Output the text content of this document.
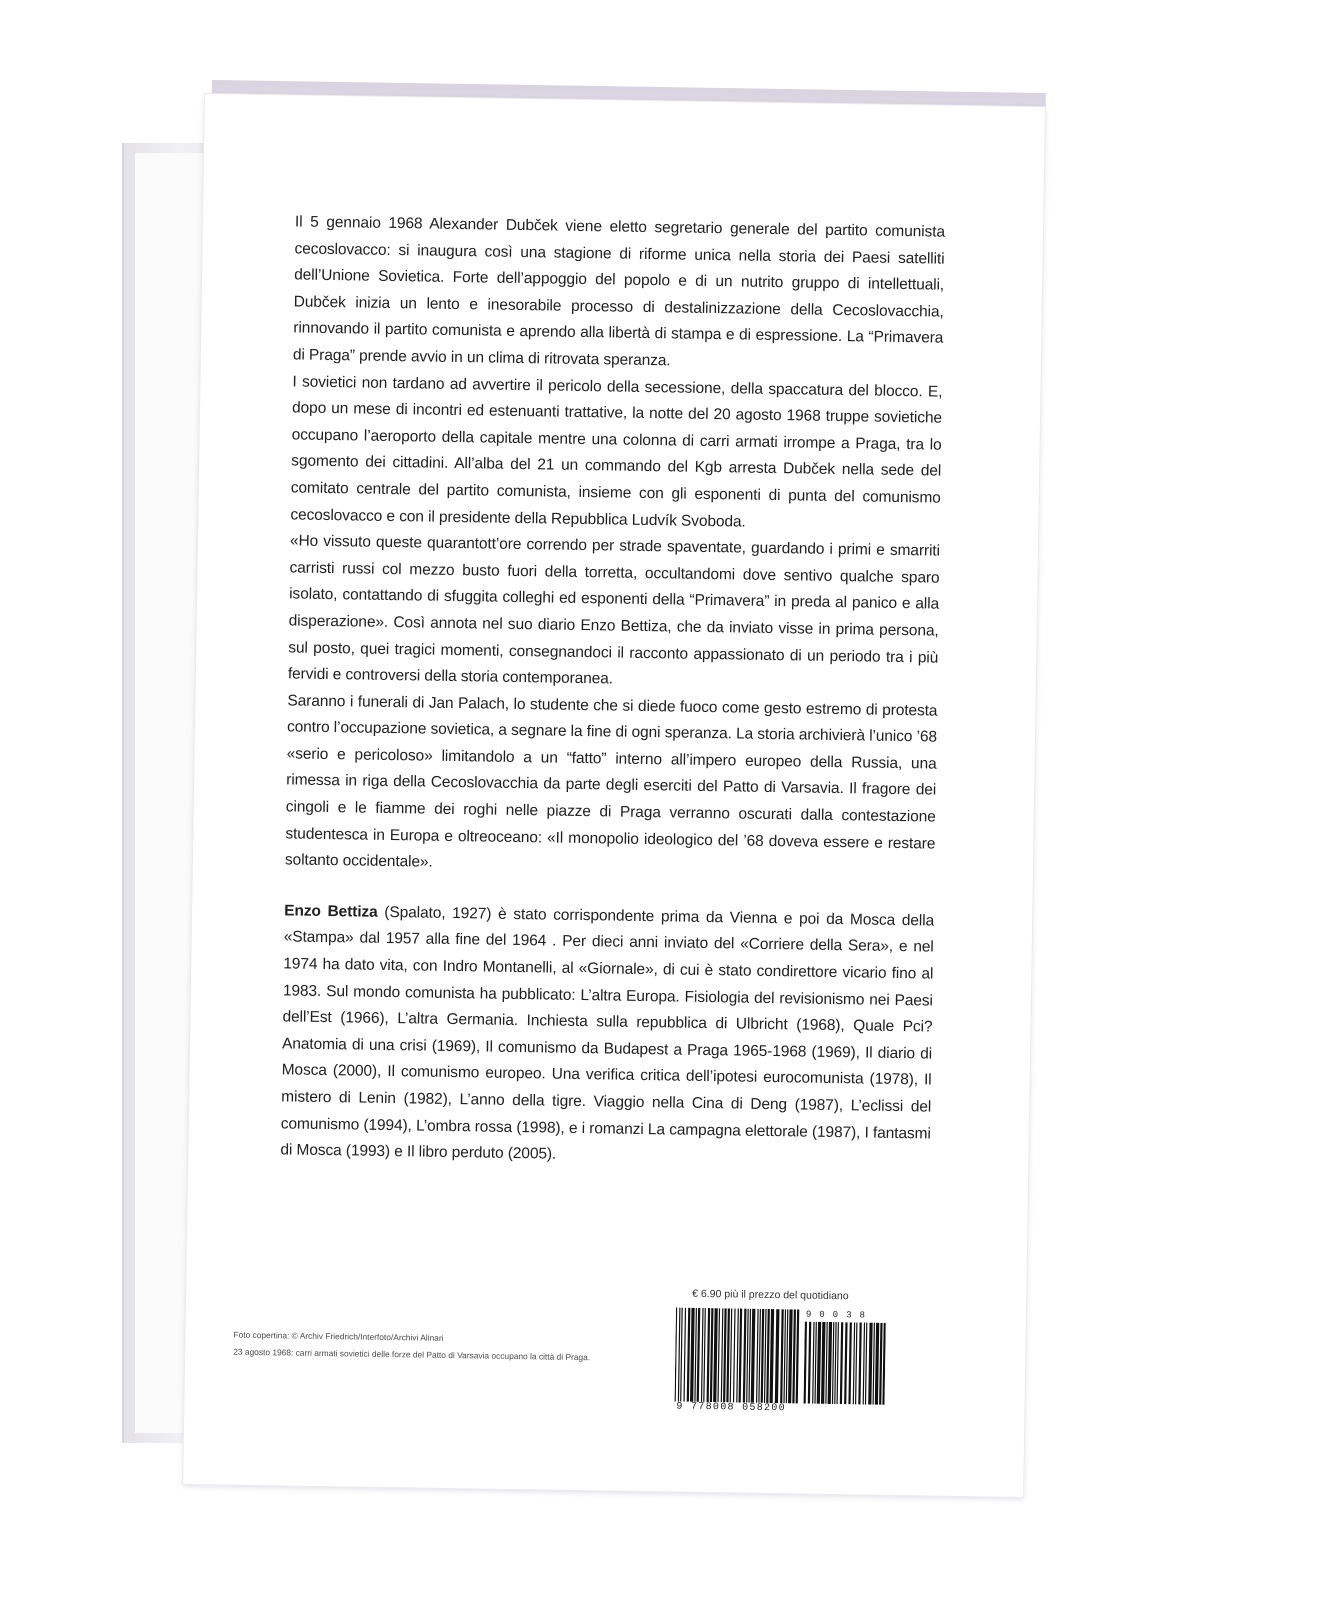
Il 5 gennaio 1968 Alexander Dubček viene eletto segretario generale del partito comunista cecoslovacco: si inaugura così una stagione di riforme unica nella storia dei Paesi satelliti dell’Unione Sovietica. Forte dell’appoggio del popolo e di un nutrito gruppo di intellettuali, Dubček inizia un lento e inesorabile processo di destalinizzazione della Cecoslovacchia, rinnovando il partito comunista e aprendo alla libertà di stampa e di espressione. La “Primavera di Praga” prende avvio in un clima di ritrovata speranza.

I sovietici non tardano ad avvertire il pericolo della secessione, della spaccatura del blocco. E, dopo un mese di incontri ed estenuanti trattative, la notte del 20 agosto 1968 truppe sovietiche occupano l’aeroporto della capitale mentre una colonna di carri armati irrompe a Praga, tra lo sgomento dei cittadini. All’alba del 21 un commando del Kgb arresta Dubček nella sede del comitato centrale del partito comunista, insieme con gli esponenti di punta del comunismo cecoslovacco e con il presidente della Repubblica Ludvík Svoboda.

«Ho vissuto queste quarantott’ore correndo per strade spaventate, guardando i primi e smarriti carristi russi col mezzo busto fuori della torretta, occultandomi dove sentivo qualche sparo isolato, contattando di sfuggita colleghi ed esponenti della “Primavera” in preda al panico e alla disperazione». Così annota nel suo diario Enzo Bettiza, che da inviato visse in prima persona, sul posto, quei tragici momenti, consegnandoci il racconto appassionato di un periodo tra i più fervidi e controversi della storia contemporanea.

Saranno i funerali di Jan Palach, lo studente che si diede fuoco come gesto estremo di protesta contro l’occupazione sovietica, a segnare la fine di ogni speranza. La storia archivierà l’unico ’68 «serio e pericoloso» limitandolo a un “fatto” interno all’impero europeo della Russia, una rimessa in riga della Cecoslovacchia da parte degli eserciti del Patto di Varsavia. Il fragore dei cingoli e le fiamme dei roghi nelle piazze di Praga verranno oscurati dalla contestazione studentesca in Europa e oltreoceano: «Il monopolio ideologico del ’68 doveva essere e restare soltanto occidentale».

Enzo Bettiza (Spalato, 1927) è stato corrispondente prima da Vienna e poi da Mosca della «Stampa» dal 1957 alla fine del 1964 . Per dieci anni inviato del «Corriere della Sera», e nel 1974 ha dato vita, con Indro Montanelli, al «Giornale», di cui è stato condirettore vicario fino al 1983. Sul mondo comunista ha pubblicato: L’altra Europa. Fisiologia del revisionismo nei Paesi dell’Est (1966), L’altra Germania. Inchiesta sulla repubblica di Ulbricht (1968), Quale Pci? Anatomia di una crisi (1969), Il comunismo da Budapest a Praga 1965-1968 (1969), Il diario di Mosca (2000), Il comunismo europeo. Una verifica critica dell’ipotesi eurocomunista (1978), Il mistero di Lenin (1982), L’anno della tigre. Viaggio nella Cina di Deng (1987), L’eclissi del comunismo (1994), L’ombra rossa (1998), e i romanzi La campagna elettorale (1987), I fantasmi di Mosca (1993) e Il libro perduto (2005).

€ 6.90 più il prezzo del quotidiano
9 0 0 3 8
9 778008 058200
Foto copertina: © Archiv Friedrich/Interfoto/Archivi Alinari
23 agosto 1968: carri armati sovietici delle forze del Patto di Varsavia occupano la città di Praga.
